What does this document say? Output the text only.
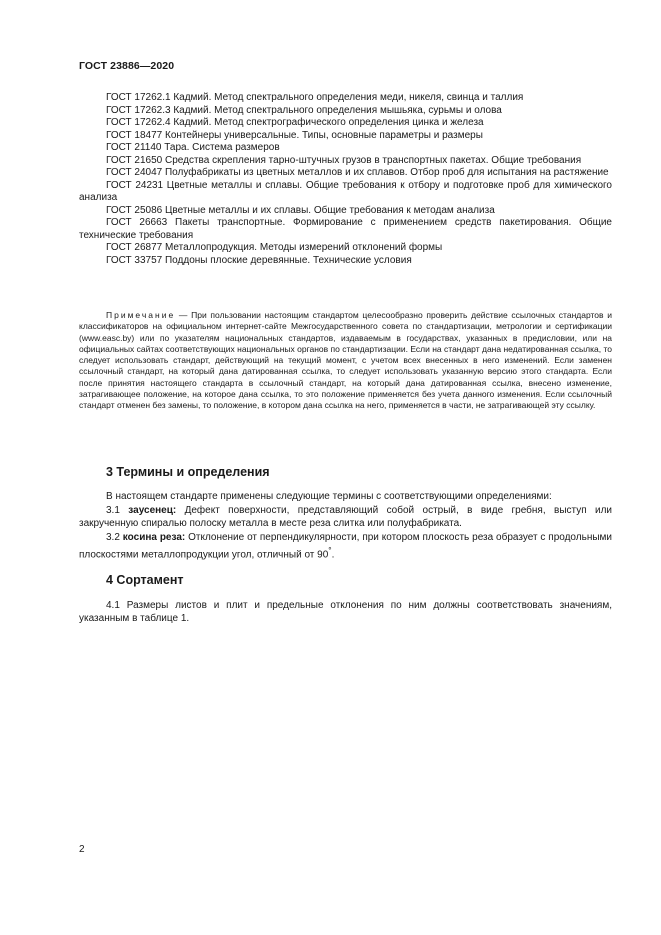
ГОСТ 23886—2020
ГОСТ 17262.1 Кадмий. Метод спектрального определения меди, никеля, свинца и таллия
ГОСТ 17262.3 Кадмий. Метод спектрального определения мышьяка, сурьмы и олова
ГОСТ 17262.4 Кадмий. Метод спектрографического определения цинка и железа
ГОСТ 18477 Контейнеры универсальные. Типы, основные параметры и размеры
ГОСТ 21140 Тара. Система размеров
ГОСТ 21650 Средства скрепления тарно-штучных грузов в транспортных пакетах. Общие требования
ГОСТ 24047 Полуфабрикаты из цветных металлов и их сплавов. Отбор проб для испытания на растяжение
ГОСТ 24231 Цветные металлы и сплавы. Общие требования к отбору и подготовке проб для химического анализа
ГОСТ 25086 Цветные металлы и их сплавы. Общие требования к методам анализа
ГОСТ 26663 Пакеты транспортные. Формирование с применением средств пакетирования. Общие технические требования
ГОСТ 26877 Металлопродукция. Методы измерений отклонений формы
ГОСТ 33757 Поддоны плоские деревянные. Технические условия
Примечание — При пользовании настоящим стандартом целесообразно проверить действие ссылочных стандартов и классификаторов на официальном интернет-сайте Межгосударственного совета по стандартизации, метрологии и сертификации (www.easc.by) или по указателям национальных стандартов, издаваемым в государствах, указанных в предисловии, или на официальных сайтах соответствующих национальных органов по стандартизации. Если на стандарт дана недатированная ссылка, то следует использовать стандарт, действующий на текущий момент, с учетом всех внесенных в него изменений. Если заменен ссылочный стандарт, на который дана датированная ссылка, то следует использовать указанную версию этого стандарта. Если после принятия настоящего стандарта в ссылочный стандарт, на который дана датированная ссылка, внесено изменение, затрагивающее положение, на которое дана ссылка, то это положение применяется без учета данного изменения. Если ссылочный стандарт отменен без замены, то положение, в котором дана ссылка на него, применяется в части, не затрагивающей эту ссылку.
3 Термины и определения
В настоящем стандарте применены следующие термины с соответствующими определениями:
3.1 заусенец: Дефект поверхности, представляющий собой острый, в виде гребня, выступ или закрученную спиралью полоску металла в месте реза слитка или полуфабриката.
3.2 косина реза: Отклонение от перпендикулярности, при котором плоскость реза образует с продольными плоскостями металлопродукции угол, отличный от 90°.
4 Сортамент
4.1 Размеры листов и плит и предельные отклонения по ним должны соответствовать значениям, указанным в таблице 1.
2
